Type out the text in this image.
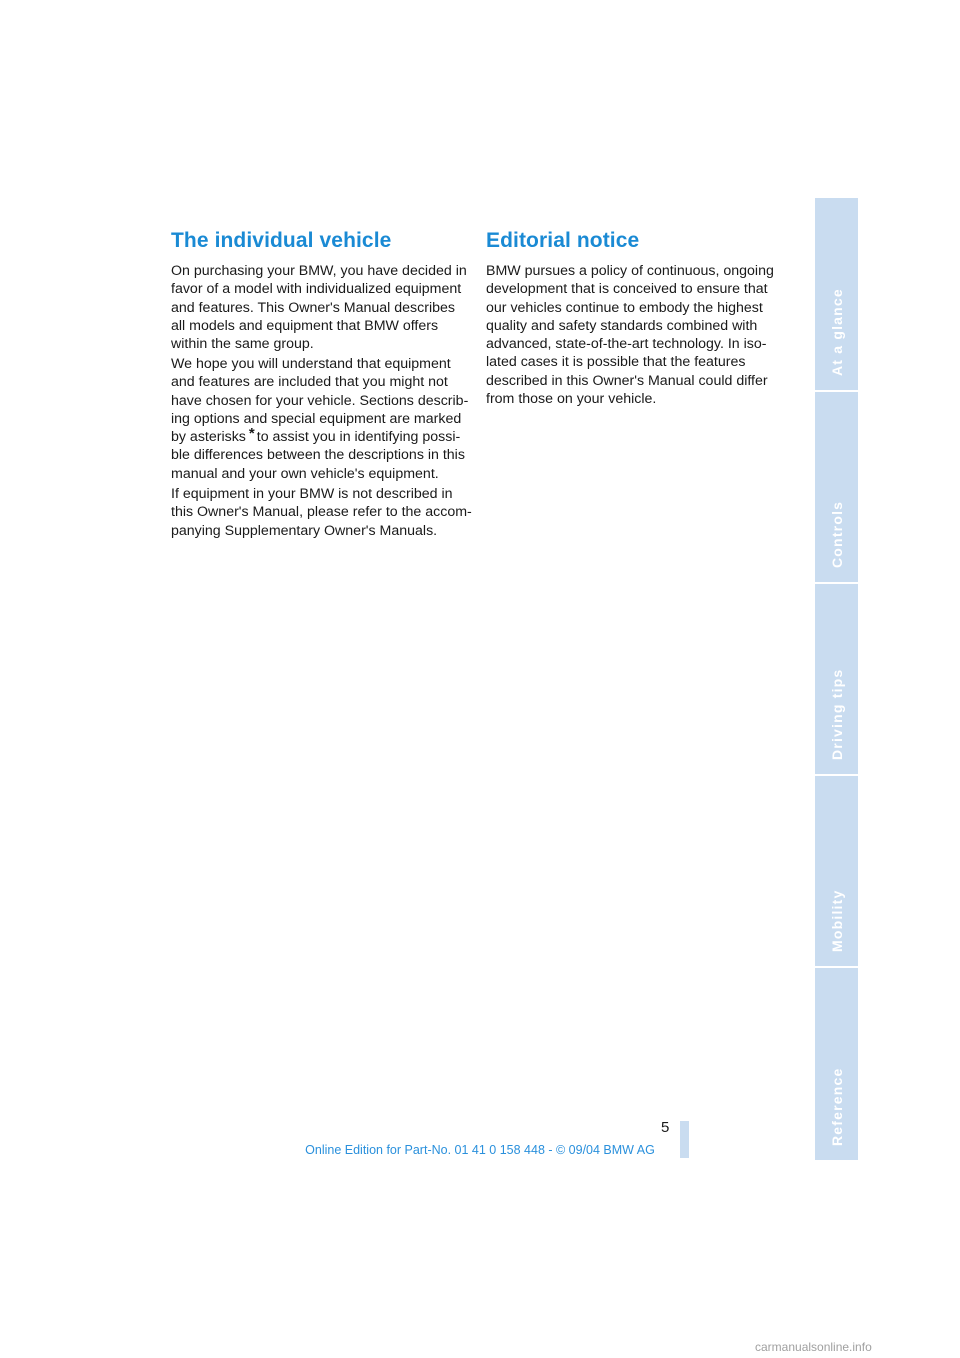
The individual vehicle

On purchasing your BMW, you have decided in
favor of a model with individualized equipment
and features. This Owner's Manual describes
all models and equipment that BMW offers
within the same group.

We hope you will understand that equipment
and features are included that you might not
have chosen for your vehicle. Sections describ-
ing options and special equipment are marked
by asterisks * to assist you in identifying possi-
ble differences between the descriptions in this
manual and your own vehicle's equipment.

If equipment in your BMW is not described in
this Owner's Manual, please refer to the accom-
panying Supplementary Owner's Manuals.

Editorial notice

BMW pursues a policy of continuous, ongoing
development that is conceived to ensure that
our vehicles continue to embody the highest
quality and safety standards combined with
advanced, state-of-the-art technology. In iso-
lated cases it is possible that the features
described in this Owner's Manual could differ
from those on your vehicle.

At a glance
Controls
Driving tips
Mobility
Reference
5
Online Edition for Part-No. 01 41 0 158 448 - © 09/04 BMW AG
carmanualsonline.info
